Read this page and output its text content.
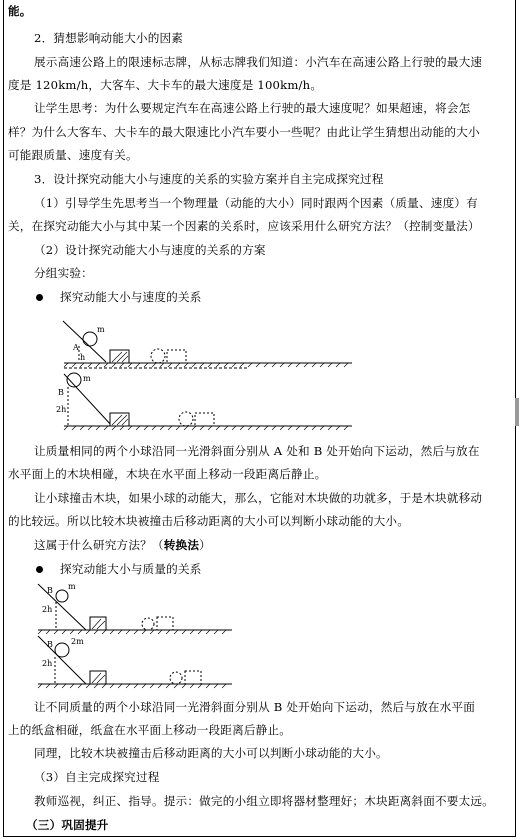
能。
2．猜想影响动能大小的因素
展示高速公路上的限速标志牌，从标志牌我们知道：小汽车在高速公路上行驶的最大速
度是 120km/h，大客车、大卡车的最大速度是 100km/h。
让学生思考：为什么要规定汽车在高速公路上行驶的最大速度呢？如果超速，将会怎
样？为什么大客车、大卡车的最大限速比小汽车要小一些呢？由此让学生猜想出动能的大小
可能跟质量、速度有关。
3．设计探究动能大小与速度的关系的实验方案并自主完成探究过程
（1）引导学生先思考当一个物理量（动能的大小）同时跟两个因素（质量、速度）有
关，在探究动能大小与其中某一个因素的关系时，应该采用什么研究方法？（控制变量法）
（2）设计探究动能大小与速度的关系的方案
分组实验：
探究动能大小与速度的关系
m
A
h
m
B
2h
让质量相同的两个小球沿同一光滑斜面分别从 A 处和 B 处开始向下运动，然后与放在
水平面上的木块相碰，木块在水平面上移动一段距离后静止。
让小球撞击木块，如果小球的动能大，那么，它能对木块做的功就多，于是木块就移动
的比较远。所以比较木块被撞击后移动距离的大小可以判断小球动能的大小。
这属于什么研究方法？（转换法）
探究动能大小与质量的关系
B m
2h
B 2m
2h
让不同质量的两个小球沿同一光滑斜面分别从 B 处开始向下运动，然后与放在水平面
上的纸盒相碰，纸盒在水平面上移动一段距离后静止。
同理，比较木块被撞击后移动距离的大小可以判断小球动能的大小。
（3）自主完成探究过程
教师巡视，纠正、指导。提示：做完的小组立即将器材整理好；木块距离斜面不要太远。
（三）巩固提升
